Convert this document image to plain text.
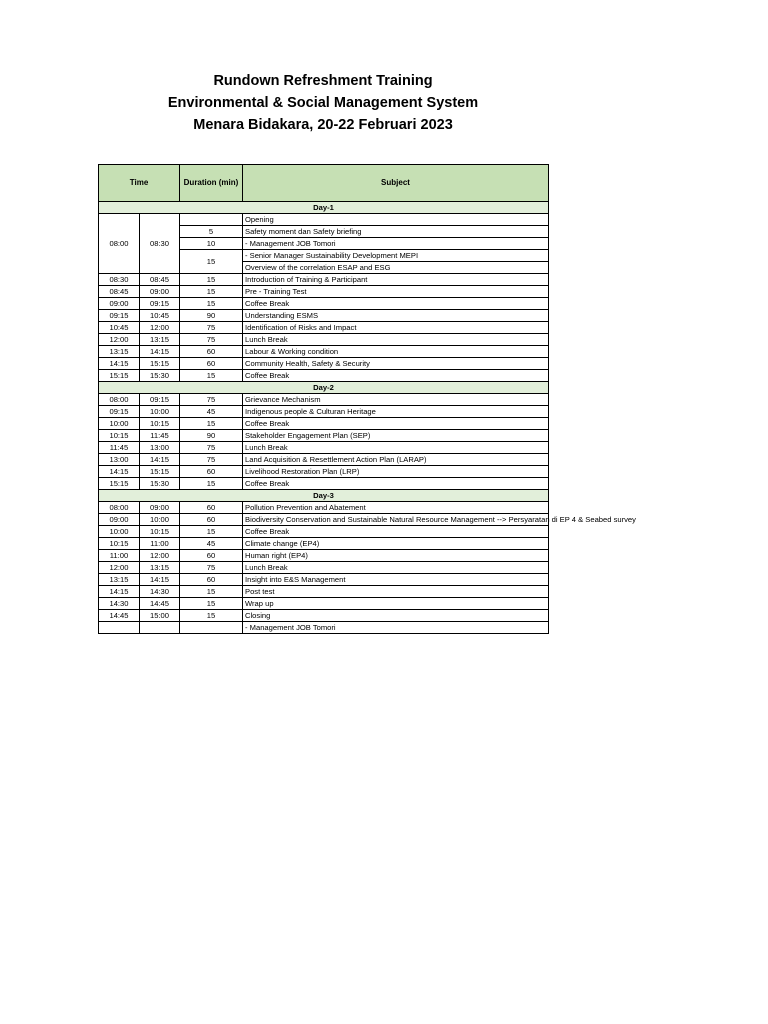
Rundown Refreshment Training
Environmental & Social Management System
Menara Bidakara, 20-22 Februari 2023
Time		Duration (min)	Subject
Day-1			
08:00	08:30		Opening
		5	Safety moment dan Safety briefing
		10	- Management JOB Tomori
		15	- Senior Manager Sustainability Development MEPI
			Overview of the correlation ESAP and ESG
08:30	08:45	15	Introduction of Training & Participant
08:45	09:00	15	Pre - Training Test
09:00	09:15	15	Coffee Break
09:15	10:45	90	Understanding ESMS
10:45	12:00	75	Identification of Risks and Impact
12:00	13:15	75	Lunch Break
13:15	14:15	60	Labour & Working condition
14:15	15:15	60	Community Health, Safety & Security
15:15	15:30	15	Coffee Break
Day-2			
08:00	09:15	75	Grievance Mechanism
09:15	10:00	45	Indigenous people & Culturan Heritage
10:00	10:15	15	Coffee Break
10:15	11:45	90	Stakeholder Engagement Plan (SEP)
11:45	13:00	75	Lunch Break
13:00	14:15	75	Land Acquisition & Resettlement Action Plan (LARAP)
14:15	15:15	60	Livelihood Restoration Plan (LRP)
15:15	15:30	15	Coffee Break
Day-3			
08:00	09:00	60	Pollution Prevention and Abatement
09:00	10:00	60	Biodiversity Conservation and Sustainable Natural Resource Management --> Persyaratan di EP 4 & Seabed survey
10:00	10:15	15	Coffee Break
10:15	11:00	45	Climate change (EP4)
11:00	12:00	60	Human right (EP4)
12:00	13:15	75	Lunch Break
13:15	14:15	60	Insight into E&S Management
14:15	14:30	15	Post test
14:30	14:45	15	Wrap up
14:45	15:00	15	Closing
			- Management JOB Tomori
